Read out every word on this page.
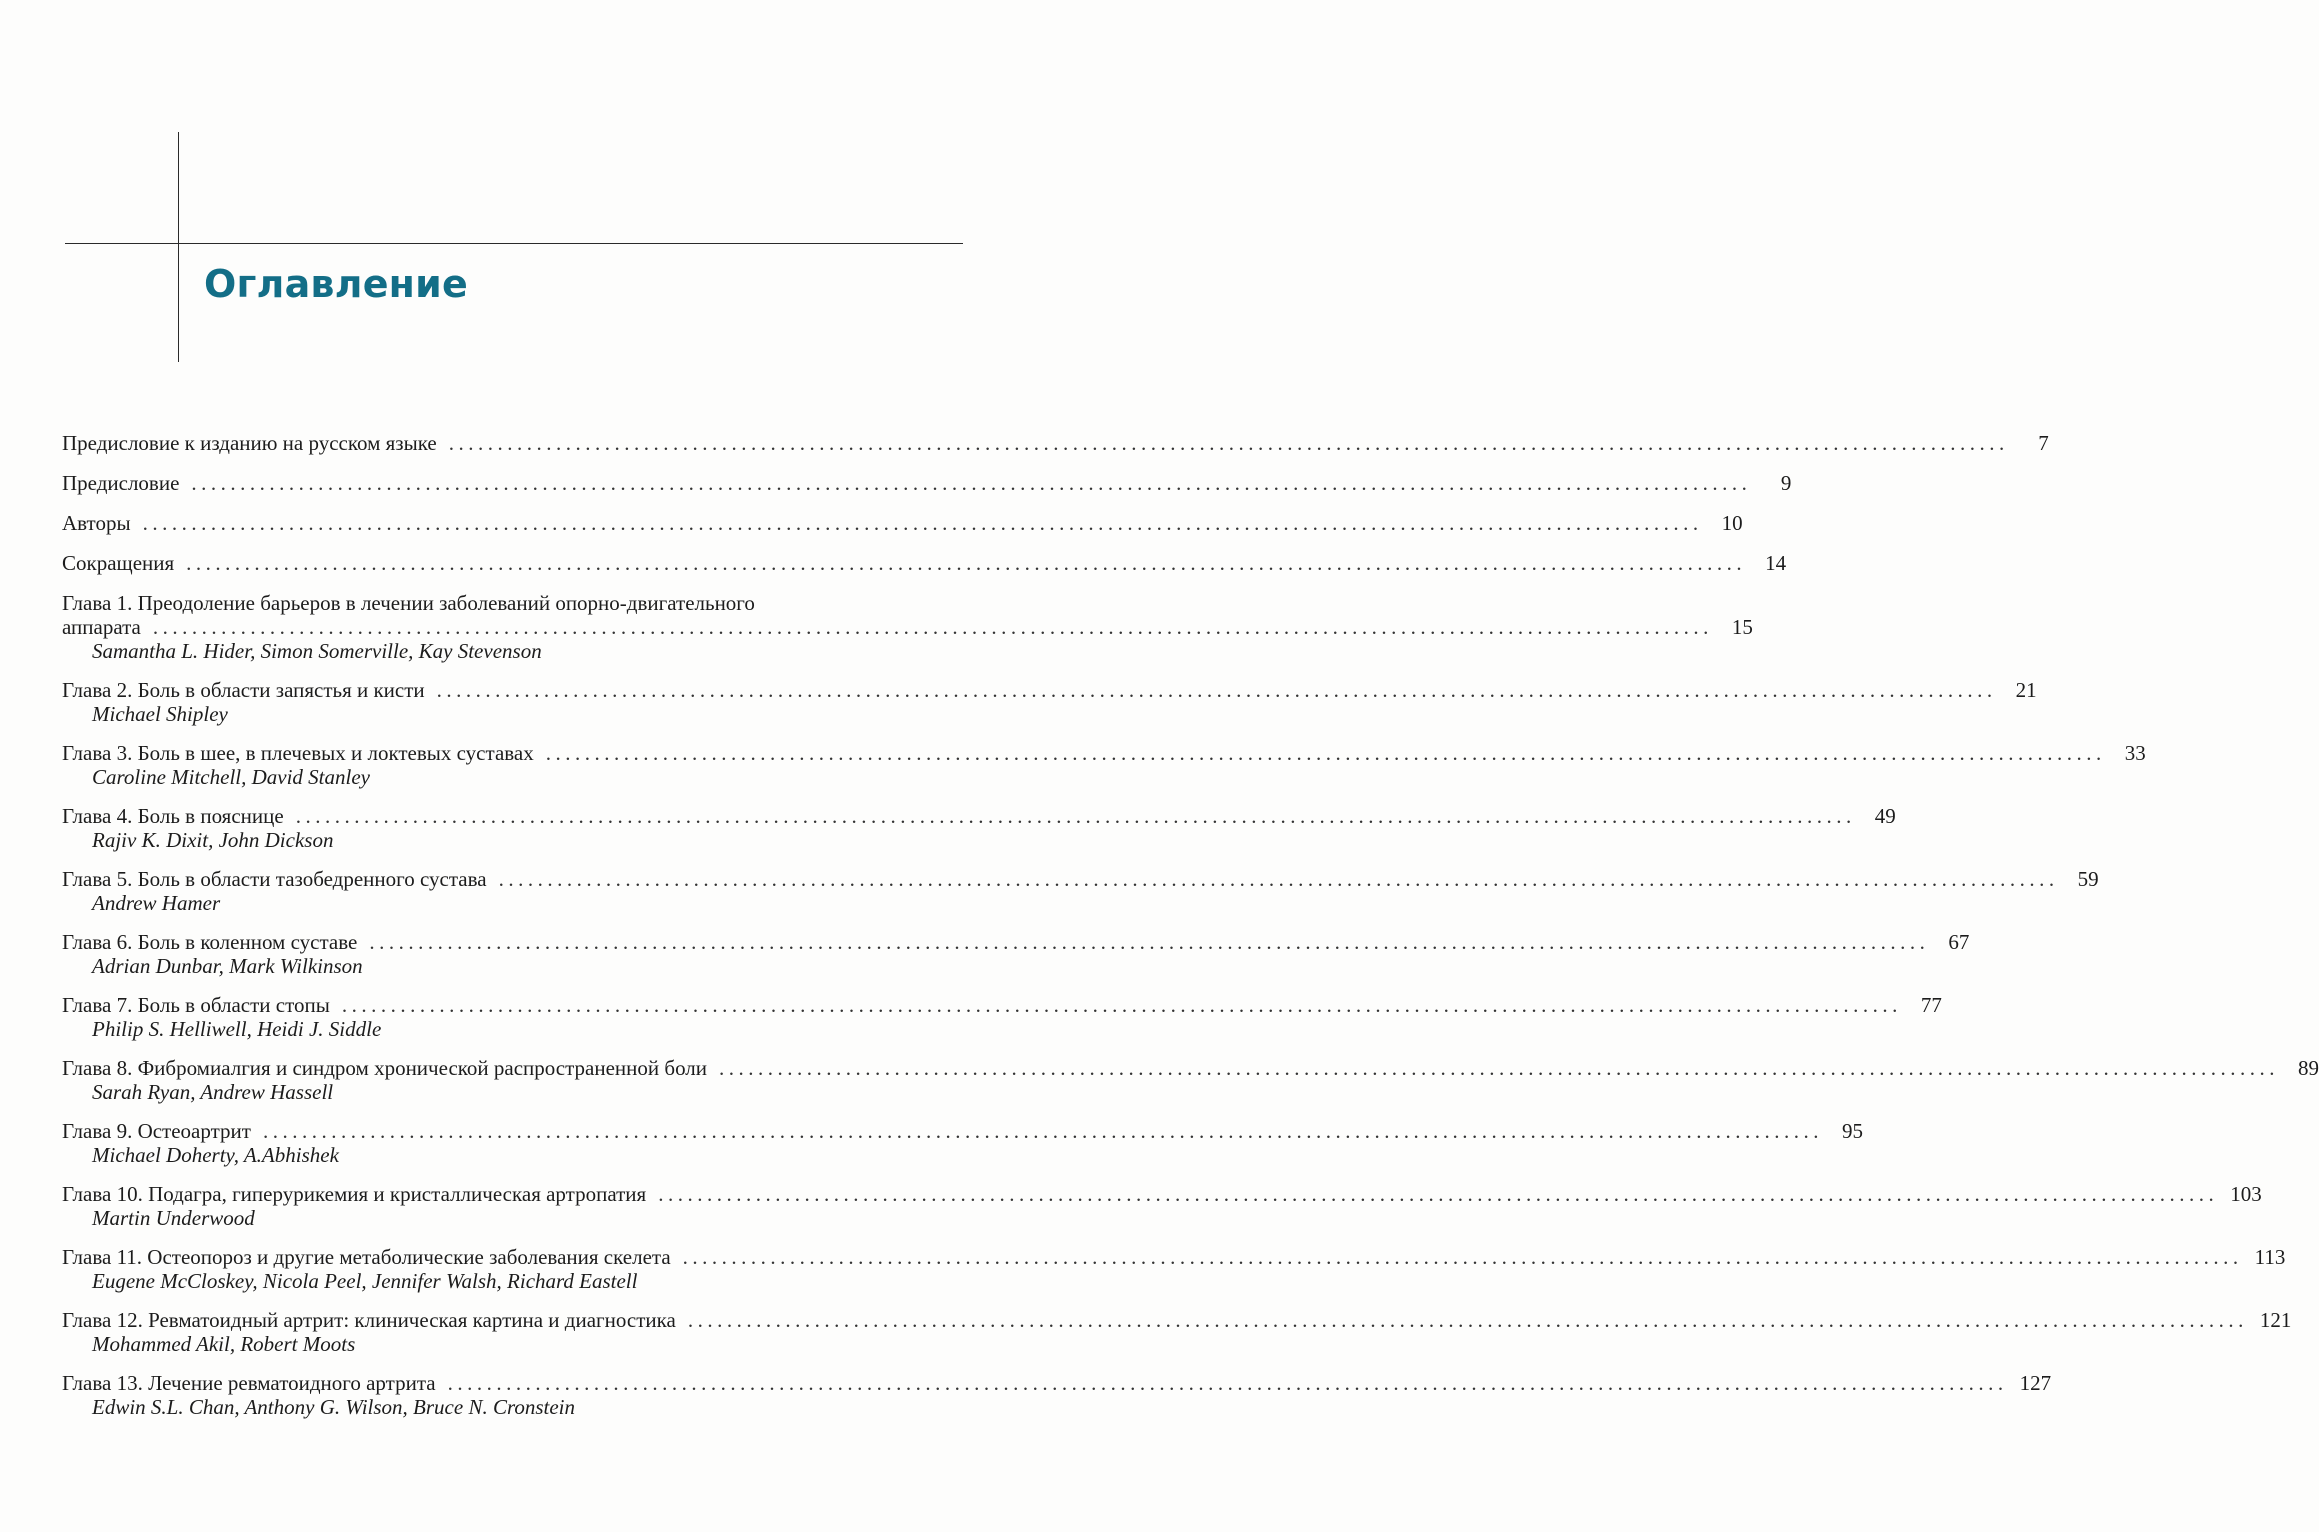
Оглавление
Предисловие к изданию на русском языке ................................................................................................................................................................	7
Предисловие ................................................................................................................................................................	9
Авторы ................................................................................................................................................................ 10
Сокращения ................................................................................................................................................................ 14
Глава 1. Преодоление барьеров в лечении заболеваний опорно-двигательного
аппарата ................................................................................................................................................................ 15
Samantha L. Hider, Simon Somerville, Kay Stevenson
Глава 2. Боль в области запястья и кисти ................................................................................................................................................................ 21
Michael Shipley
Глава 3. Боль в шее, в плечевых и локтевых суставах ................................................................................................................................................................ 33
Caroline Mitchell, David Stanley
Глава 4. Боль в пояснице ................................................................................................................................................................ 49
Rajiv K. Dixit, John Dickson
Глава 5. Боль в области тазобедренного сустава ................................................................................................................................................................ 59
Andrew Hamer
Глава 6. Боль в коленном суставе ................................................................................................................................................................ 67
Adrian Dunbar, Mark Wilkinson
Глава 7. Боль в области стопы ................................................................................................................................................................ 77
Philip S. Helliwell, Heidi J. Siddle
Глава 8. Фибромиалгия и синдром хронической распространенной боли ................................................................................................................................................................ 89
Sarah Ryan, Andrew Hassell
Глава 9. Остеоартрит ................................................................................................................................................................ 95
Michael Doherty, A.Abhishek
Глава 10. Подагра, гиперурикемия и кристаллическая артропатия ................................................................................................................................................................ 103
Martin Underwood
Глава 11. Остеопороз и другие метаболические заболевания скелета ................................................................................................................................................................ 113
Eugene McCloskey, Nicola Peel, Jennifer Walsh, Richard Eastell
Глава 12. Ревматоидный артрит: клиническая картина и диагностика ................................................................................................................................................................ 121
Mohammed Akil, Robert Moots
Глава 13. Лечение ревматоидного артрита ................................................................................................................................................................ 127
Edwin S.L. Chan, Anthony G. Wilson, Bruce N. Cronstein
